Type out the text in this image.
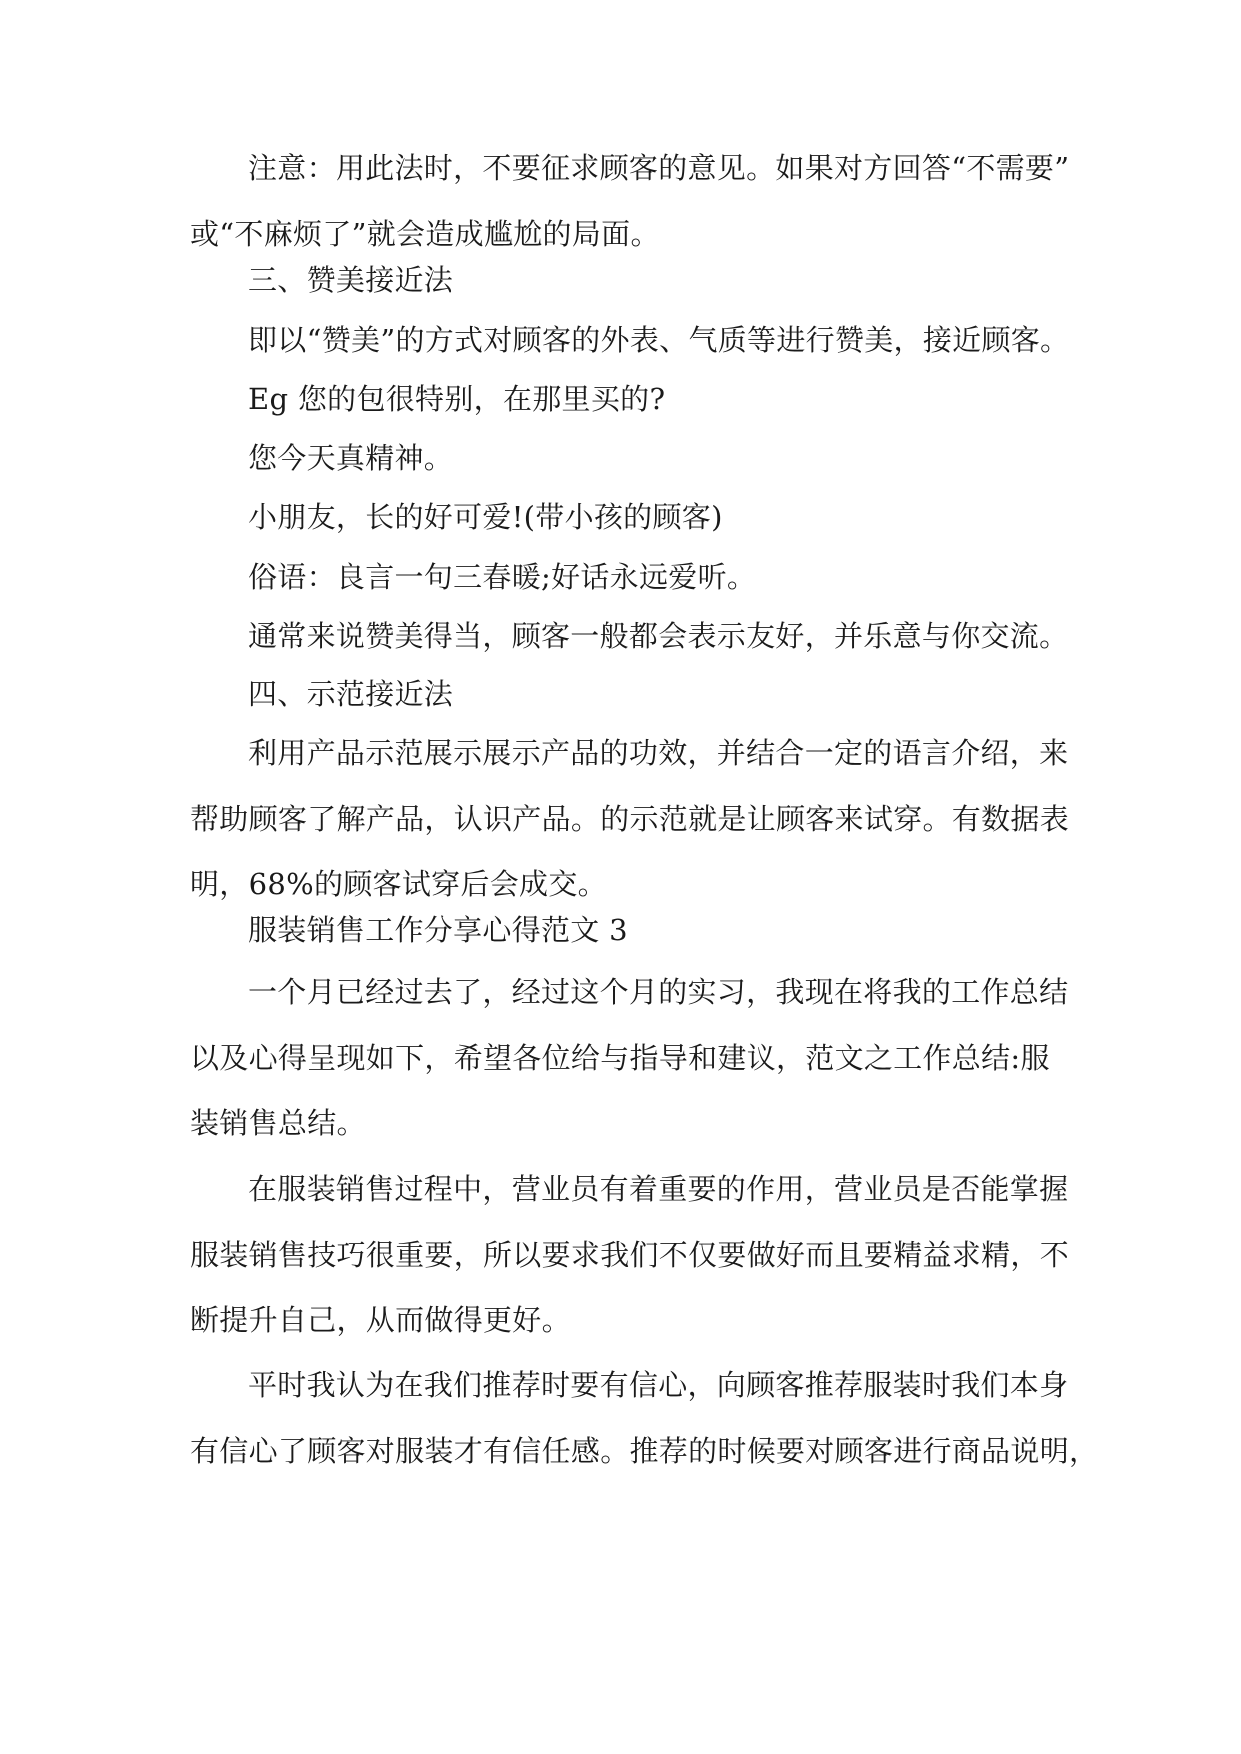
注意：用此法时，不要征求顾客的意见。如果对方回答“不需要”
或“不麻烦了”就会造成尴尬的局面。

三、赞美接近法

即以“赞美”的方式对顾客的外表、气质等进行赞美，接近顾客。

Eg 您的包很特别，在那里买的?

您今天真精神。

小朋友，长的好可爱!(带小孩的顾客)

俗语：良言一句三春暖;好话永远爱听。

通常来说赞美得当，顾客一般都会表示友好，并乐意与你交流。

四、示范接近法

利用产品示范展示展示产品的功效，并结合一定的语言介绍，来
帮助顾客了解产品，认识产品。的示范就是让顾客来试穿。有数据表
明，68%的顾客试穿后会成交。

服装销售工作分享心得范文 3

一个月已经过去了，经过这个月的实习，我现在将我的工作总结
以及心得呈现如下，希望各位给与指导和建议，范文之工作总结:服
装销售总结。

在服装销售过程中，营业员有着重要的作用，营业员是否能掌握
服装销售技巧很重要，所以要求我们不仅要做好而且要精益求精，不
断提升自己，从而做得更好。

平时我认为在我们推荐时要有信心，向顾客推荐服装时我们本身
有信心了顾客对服装才有信任感。推荐的时候要对顾客进行商品说明，
